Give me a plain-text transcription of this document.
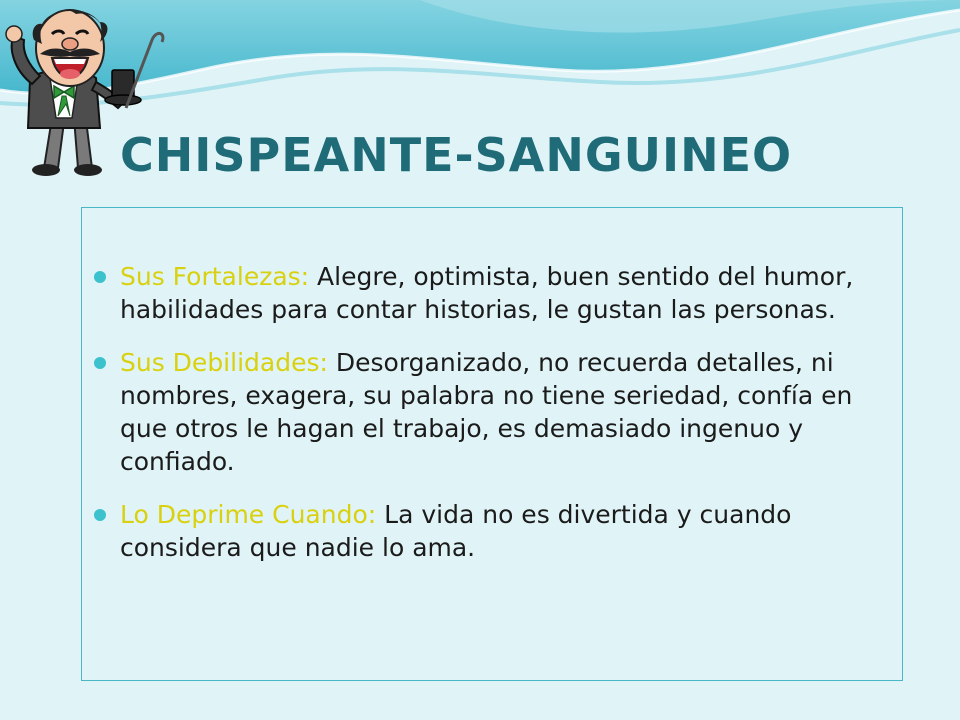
CHISPEANTE-SANGUINEO
Sus Fortalezas: Alegre, optimista, buen sentido del humor, habilidades para contar historias, le gustan las personas.
Sus Debilidades: Desorganizado, no recuerda detalles, ni nombres, exagera, su palabra no tiene seriedad, confía en que otros le hagan el trabajo, es demasiado ingenuo y confiado.
Lo Deprime Cuando: La vida no es divertida y cuando considera que nadie lo ama.
